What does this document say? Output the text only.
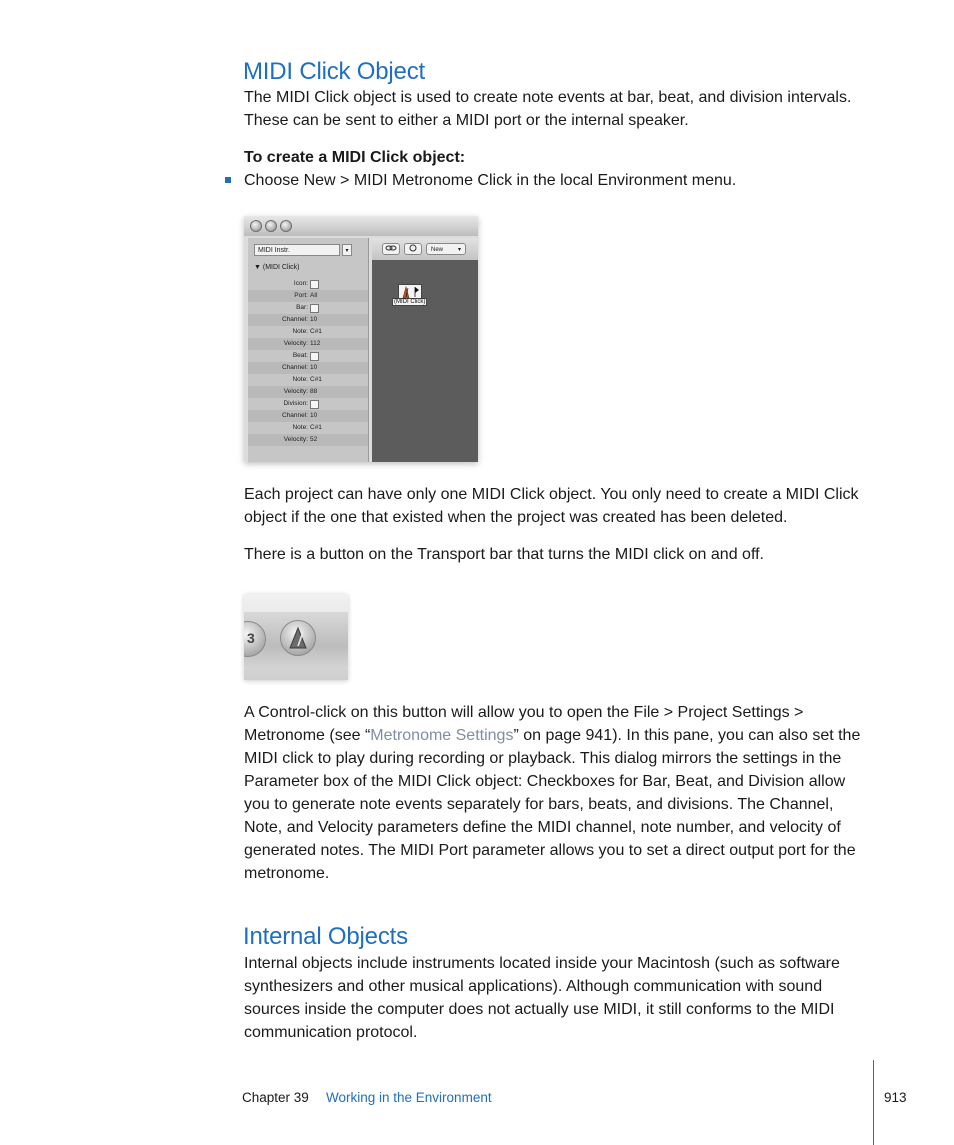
MIDI Click Object
The MIDI Click object is used to create note events at bar, beat, and division intervals.
These can be sent to either a MIDI port or the internal speaker.
To create a MIDI Click object:
Choose New > MIDI Metronome Click in the local Environment menu.
MIDI Instr.	▾
▼ (MIDI Click)
Icon:
Port: All
Bar:
Channel: 10
Note: C#1
Velocity: 112
Beat:
Channel: 10
Note: C#1
Velocity: 88
Division:
Channel: 10
Note: C#1
Velocity: 52
New ▾
(MIDI Click)
Each project can have only one MIDI Click object. You only need to create a MIDI Click
object if the one that existed when the project was created has been deleted.
There is a button on the Transport bar that turns the MIDI click on and off.
3
A Control-click on this button will allow you to open the File > Project Settings >
Metronome (see “Metronome Settings” on page 941). In this pane, you can also set the
MIDI click to play during recording or playback. This dialog mirrors the settings in the
Parameter box of the MIDI Click object: Checkboxes for Bar, Beat, and Division allow
you to generate note events separately for bars, beats, and divisions. The Channel,
Note, and Velocity parameters define the MIDI channel, note number, and velocity of
generated notes. The MIDI Port parameter allows you to set a direct output port for the
metronome.
Internal Objects
Internal objects include instruments located inside your Macintosh (such as software
synthesizers and other musical applications). Although communication with sound
sources inside the computer does not actually use MIDI, it still conforms to the MIDI
communication protocol.
Chapter 39 Working in the Environment	913
